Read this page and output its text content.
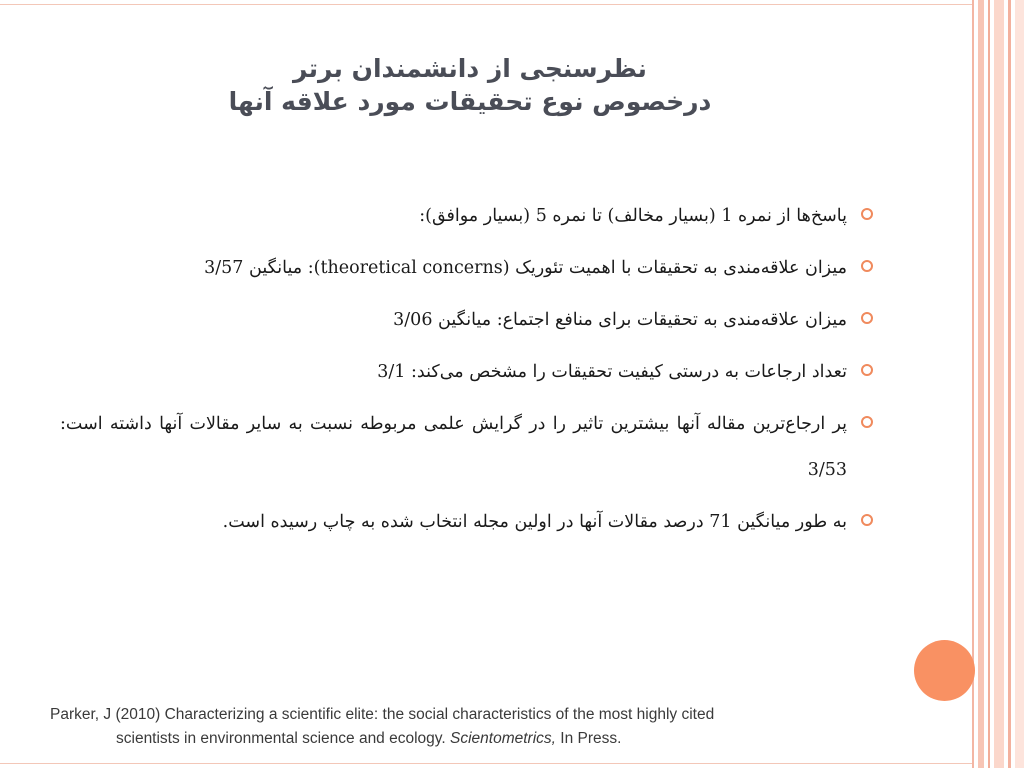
نظرسنجی از دانشمندان برتر
درخصوص نوع تحقیقات مورد علاقه آنها
پاسخ‌ها از نمره 1 (بسیار مخالف) تا نمره 5 (بسیار موافق):
میزان علاقه‌مندی به تحقیقات با اهمیت تئوریک (theoretical concerns): میانگین 3/57
میزان علاقه‌مندی به تحقیقات برای منافع اجتماع: میانگین 3/06
تعداد ارجاعات به درستی کیفیت تحقیقات را مشخص می‌کند: 3/1
پر ارجاع‌ترین مقاله آنها بیشترین تاثیر را در گرایش علمی مربوطه نسبت به سایر مقالات آنها داشته است: 3/53
به طور میانگین 71 درصد مقالات آنها در اولین مجله انتخاب شده به چاپ رسیده است.
Parker, J (2010) Characterizing a scientific elite: the social characteristics of the most highly cited
scientists in environmental science and ecology. Scientometrics, In Press.
